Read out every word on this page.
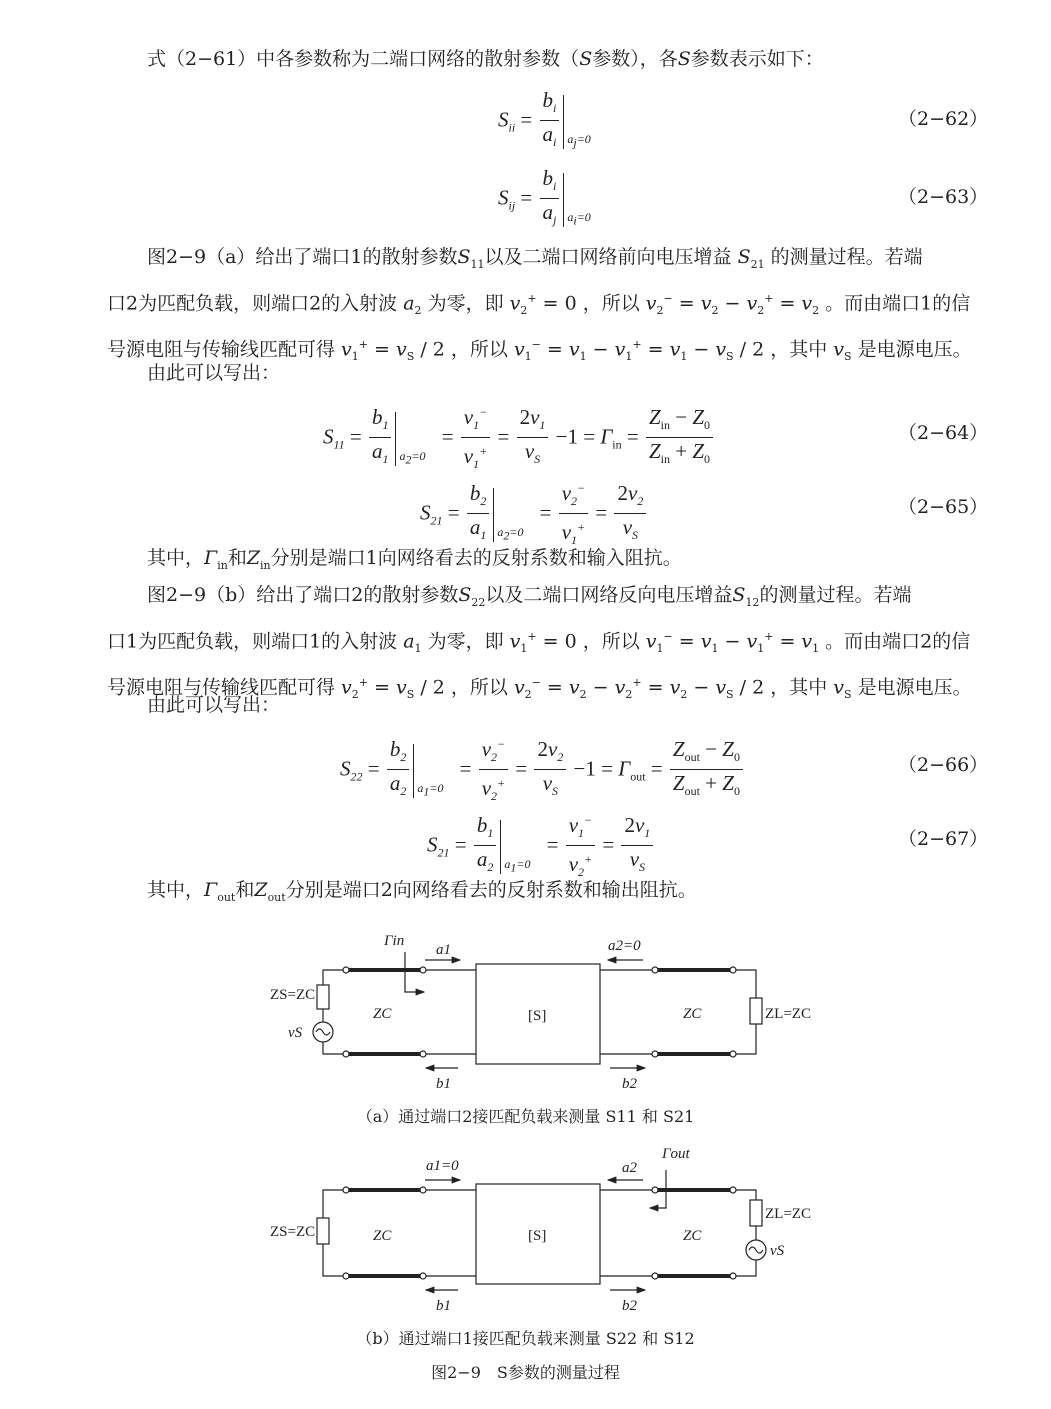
式（2−61）中各参数称为二端口网络的散射参数（S参数），各S参数表示如下：

$S_{ii} = \frac{b_i}{a_i} a_j=0$
（2−62）
$S_{ij} = \frac{b_i}{a_j} a_i=0$
（2−63）

图2−9（a）给出了端口1的散射参数$S_{11}$以及二端口网络前向电压增益 $S_{21}$ 的测量过程。若端
口2为匹配负载，则端口2的入射波 $a_2$ 为零，即 $v_2^+ = 0$ ，所以 $v_2^- = v_2 - v_2^+ = v_2$ 。而由端口1的信
号源电阻与传输线匹配可得 $v_1^+ = v_S / 2$ ，所以 $v_1^- = v_1 - v_1^+ = v_1 - v_S / 2$ ，其中 $v_S$ 是电源电压。

由此可以写出：

$S_{11} = \frac{b_1}{a_1} a_2=0$
= $\frac{v_1^-}{v_1^+} = \frac{2v_1}{v_S} -1 = \Gamma_{in} = \frac{Z_{in} - Z_0}{Z_{in} + Z_0}$	（2−64）
$S_{21} = \frac{b_2}{a_1} a_2=0$
= $\frac{v_2^-}{v_1^+} = \frac{2v_2}{v_S}$	（2−65）

其中，$\Gamma_{in}$和$Z_{in}$分别是端口1向网络看去的反射系数和输入阻抗。

图2−9（b）给出了端口2的散射参数$S_{22}$以及二端口网络反向电压增益$S_{12}$的测量过程。若端
口1为匹配负载，则端口1的入射波 $a_1$ 为零，即 $v_1^+ = 0$ ，所以 $v_1^- = v_1 - v_1^+ = v_1$ 。而由端口2的信
号源电阻与传输线匹配可得 $v_2^+ = v_S / 2$ ，所以 $v_2^- = v_2 - v_2^+ = v_2 - v_S / 2$ ，其中 $v_S$ 是电源电压。

由此可以写出：

$S_{22} = \frac{b_2}{a_2} a_1=0$
= $\frac{v_2^-}{v_2^+} = \frac{2v_2}{v_S} -1 = \Gamma_{out} = \frac{Z_{out} - Z_0}{Z_{out} + Z_0}$	（2−66）
$S_{21} = \frac{b_1}{a_2} a_1=0$
= $\frac{v_1^-}{v_2^+} = \frac{2v_1}{v_S}$	（2−67）

其中，$\Gamma_{out}$和$Z_{out}$分别是端口2向网络看去的反射系数和输出阻抗。

Γin
a1	a2=0
b1	b2
ZS=ZC
vS
ZC	[S]	ZC	ZL=ZC
Γout
a1=0	a2
b1	b2
ZS=ZC	ZC	[S]	ZC
ZL=ZC
vS
（a）通过端口2接匹配负载来测量 S11 和 S21
（b）通过端口1接匹配负载来测量 S22 和 S12
图2−9　S参数的测量过程
